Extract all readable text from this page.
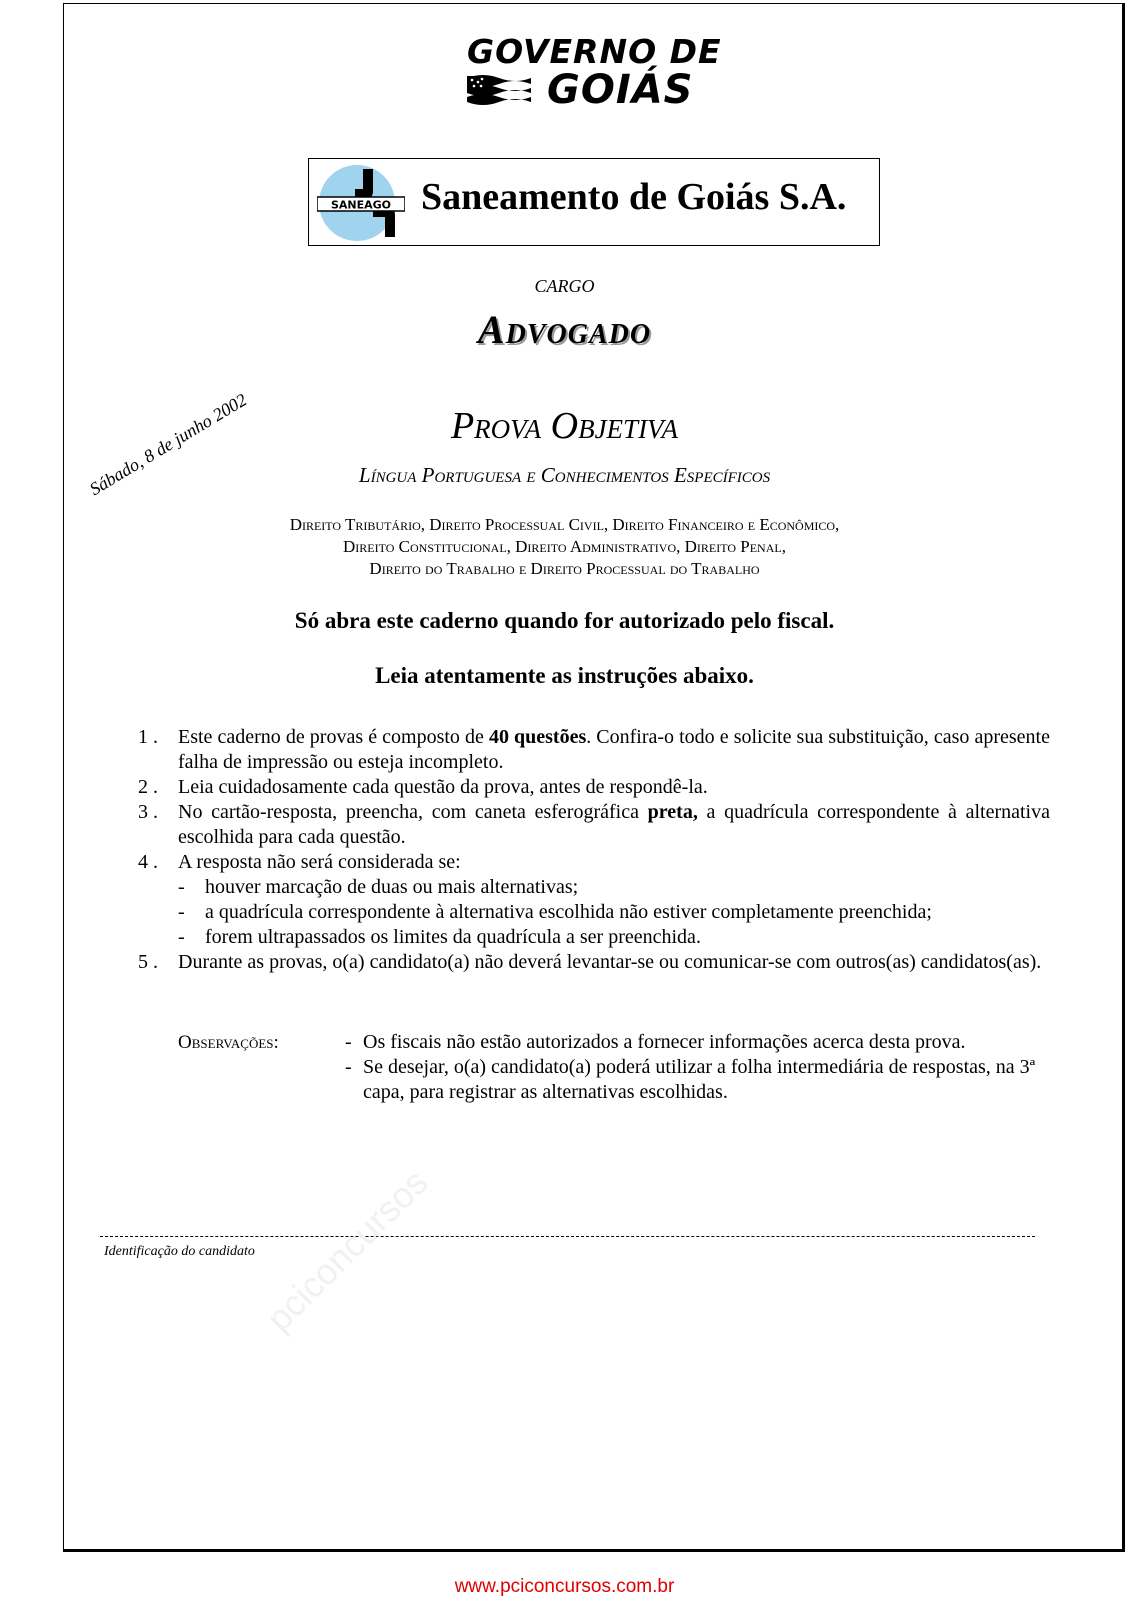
GOVERNO DE
GOIÁS
SANEAGO Saneamento de Goiás S.A.
CARGO
Advogado
Prova Objetiva
Língua Portuguesa e Conhecimentos Específicos
Sábado, 8 de junho 2002
Direito Tributário, Direito Processual Civil, Direito Financeiro e Econômico,
Direito Constitucional, Direito Administrativo, Direito Penal,
Direito do Trabalho e Direito Processual do Trabalho
Só abra este caderno quando for autorizado pelo fiscal.
Leia atentamente as instruções abaixo.
1 . Este caderno de provas é composto de 40 questões. Confira-o todo e solicite sua substituição, caso apresente falha de impressão ou esteja incompleto.
2 . Leia cuidadosamente cada questão da prova, antes de respondê-la.
3 . No cartão-resposta, preencha, com caneta esferográfica preta, a quadrícula correspondente à alternativa escolhida para cada questão.
4 . A resposta não será considerada se:
- houver marcação de duas ou mais alternativas;
- a quadrícula correspondente à alternativa escolhida não estiver completamente preenchida;
- forem ultrapassados os limites da quadrícula a ser preenchida.
5 . Durante as provas, o(a) candidato(a) não deverá levantar-se ou comunicar-se com outros(as) candidatos(as).
Observações:	- Os fiscais não estão autorizados a fornecer informações acerca desta prova.
- Se desejar, o(a) candidato(a) poderá utilizar a folha intermediária de respostas, na 3ª capa, para registrar as alternativas escolhidas.
Identificação do candidato pciconcursos
www.pciconcursos.com.br
